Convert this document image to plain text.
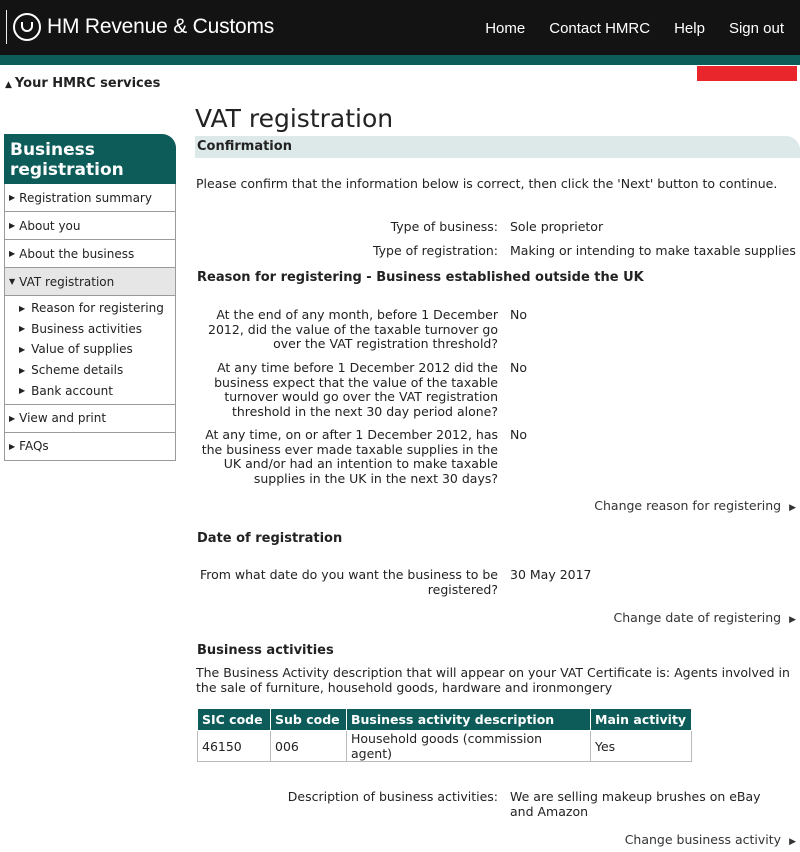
HM Revenue & Customs	Home Contact HMRC Help Sign out
▲ Your HMRC services
Business registration
▶ Registration summary
▶ About you
▶ About the business
▼ VAT registration
▶ Reason for registering
▶ Business activities
▶ Value of supplies
▶ Scheme details
▶ Bank account
▶ View and print
▶ FAQs
VAT registration
Confirmation
Please confirm that the information below is correct, then click the 'Next' button to continue.
Type of business: Sole proprietor
Type of registration: Making or intending to make taxable supplies
Reason for registering - Business established outside the UK
At the end of any month, before 1 December 2012, did the value of the taxable turnover go over the VAT registration threshold?
No
At any time before 1 December 2012 did the business expect that the value of the taxable turnover would go over the VAT registration threshold in the next 30 day period alone?
No
At any time, on or after 1 December 2012, has the business ever made taxable supplies in the UK and/or had an intention to make taxable supplies in the UK in the next 30 days?
No
Change reason for registering ▶
Date of registration
From what date do you want the business to be registered?
30 May 2017
Change date of registering ▶
Business activities
The Business Activity description that will appear on your VAT Certificate is: Agents involved in the sale of furniture, household goods, hardware and ironmongery
SIC code	Sub code	Business activity description	Main activity
46150	006	Household goods (commission agent)	Yes
Description of business activities: We are selling makeup brushes on eBay and Amazon
Change business activity ▶
